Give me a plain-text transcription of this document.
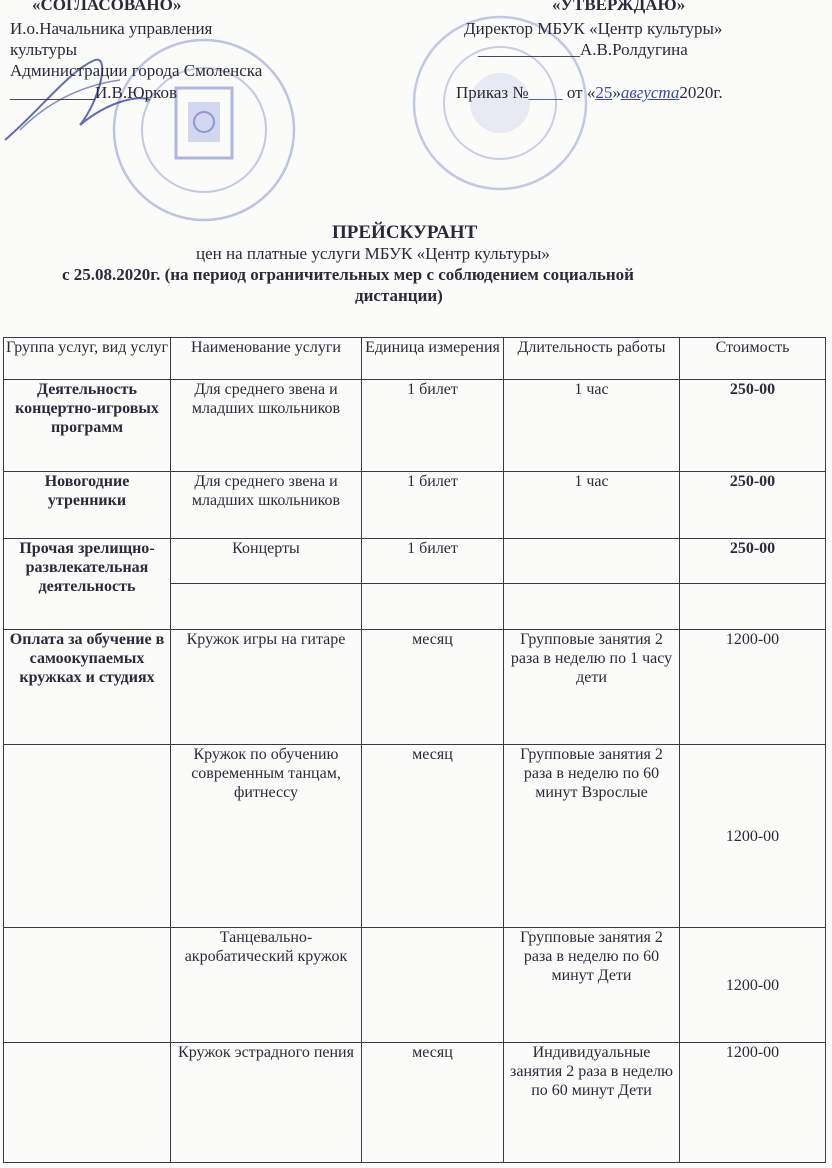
«СОГЛАСОВАНО»
И.о.Начальника управления
культуры
Администрации города Смоленска
__________И.В.Юрков
«УТВЕРЖДАЮ»
Директор МБУК «Центр культуры»
____________А.В.Ролдугина
Приказ №____ от «25»августа2020г.
ПРЕЙСКУРАНТ
цен на платные услуги МБУК «Центр культуры»
с 25.08.2020г. (на период ограничительных мер с соблюдением социальной
дистанции)
Группа услуг, вид услуг	Наименование услуги	Единица измерения	Длительность работы	Стоимость
Деятельность концертно-игровых программ	Для среднего звена и младших школьников	1 билет	1 час	250-00
Новогодние утренники	Для среднего звена и младших школьников	1 билет	1 час	250-00
Прочая зрелищно-развлекательная деятельность	Концерты	1 билет		250-00

Оплата за обучение в самоокупаемых кружках и студиях	Кружок игры на гитаре	месяц	Групповые занятия 2 раза в неделю по 1 часу дети	1200-00
	Кружок по обучению современным танцам, фитнессу	месяц	Групповые занятия 2 раза в неделю по 60 минут Взрослые	1200-00
	Танцевально-акробатический кружок		Групповые занятия 2 раза в неделю по 60 минут Дети	1200-00
	Кружок эстрадного пения	месяц	Индивидуальные занятия 2 раза в неделю по 60 минут Дети	1200-00
